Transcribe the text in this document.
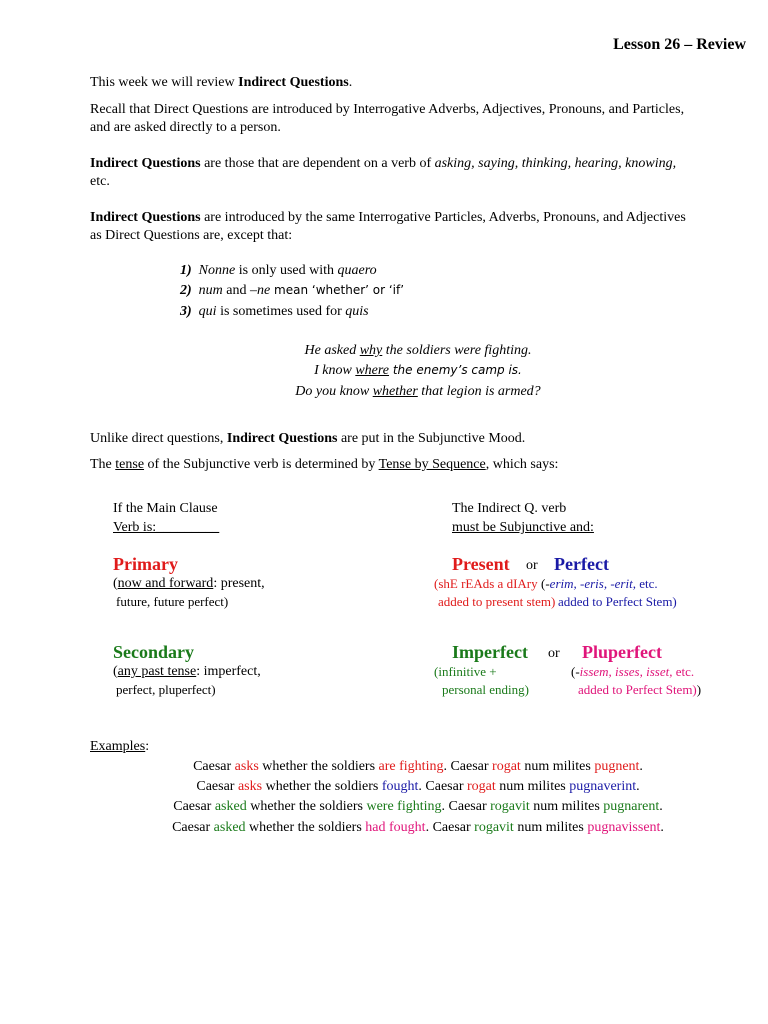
Lesson 26 – Review
This week we will review Indirect Questions.
Recall that Direct Questions are introduced by Interrogative Adverbs, Adjectives, Pronouns, and Particles,
and are asked directly to a person.
Indirect Questions are those that are dependent on a verb of asking, saying, thinking, hearing, knowing,
etc.
Indirect Questions are introduced by the same Interrogative Particles, Adverbs, Pronouns, and Adjectives
as Direct Questions are, except that:
1) Nonne is only used with quaero
2) num and –ne mean ‘whether’ or ‘if’
3) qui is sometimes used for quis
He asked why the soldiers were fighting.
I know where the enemy’s camp is.
Do you know whether that legion is armed?
Unlike direct questions, Indirect Questions are put in the Subjunctive Mood.
The tense of the Subjunctive verb is determined by Tense by Sequence, which says:
If the Main Clause
Verb is:_________
The Indirect Q. verb
must be Subjunctive and:
Primary
(now and forward: present,
future, future perfect)
Present or Perfect
(shE rEAds a dIAry
added to present stem)
(-erim, -eris, -erit, etc.
added to Perfect Stem)
Secondary
(any past tense: imperfect,
perfect, pluperfect)
Imperfect or Pluperfect
(infinitive +
personal ending)
(-issem, isses, isset, etc.
added to Perfect Stem))
Examples:
Caesar asks whether the soldiers are fighting. Caesar rogat num milites pugnent.
Caesar asks whether the soldiers fought. Caesar rogat num milites pugnaverint.
Caesar asked whether the soldiers were fighting. Caesar rogavit num milites pugnarent.
Caesar asked whether the soldiers had fought. Caesar rogavit num milites pugnavissent.
